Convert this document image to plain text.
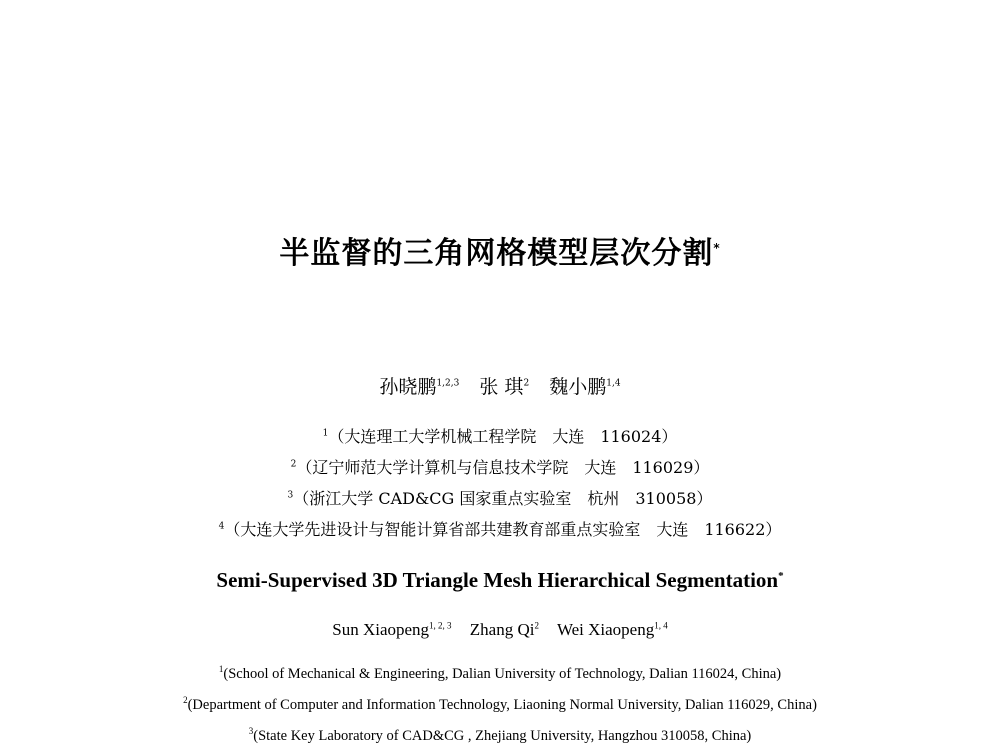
半监督的三角网格模型层次分割*
孙晓鹏$^{1,2,3}$ 张 琪$^2$ 魏小鹏$^{1,4}$
$^1$（大连理工大学机械工程学院　大连　116024）
$^2$（辽宁师范大学计算机与信息技术学院　大连　116029）
$^3$（浙江大学 CAD&CG 国家重点实验室　杭州　310058）
$^4$（大连大学先进设计与智能计算省部共建教育部重点实验室　大连　116622）
Semi-Supervised 3D Triangle Mesh Hierarchical Segmentation*
Sun Xiaopeng$^{1, 2, 3}$ Zhang Qi$^2$ Wei Xiaopeng$^{1, 4}$
$^1$(School of Mechanical & Engineering, Dalian University of Technology, Dalian 116024, China)
$^2$(Department of Computer and Information Technology, Liaoning Normal University, Dalian 116029, China)
$^3$(State Key Laboratory of CAD&CG , Zhejiang University, Hangzhou 310058, China)
